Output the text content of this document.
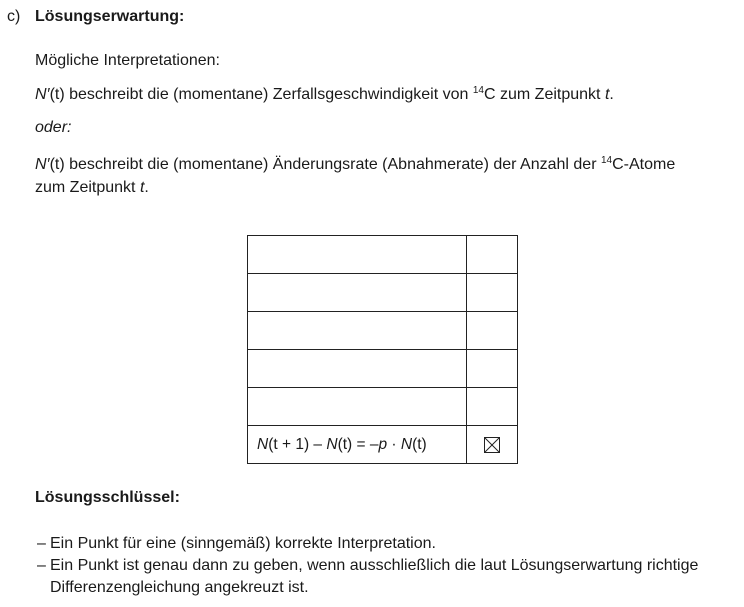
c) Lösungserwartung:
Mögliche Interpretationen:
N′(t) beschreibt die (momentane) Zerfallsgeschwindigkeit von $^{14}$C zum Zeitpunkt t.
oder:
N′(t) beschreibt die (momentane) Änderungsrate (Abnahmerate) der Anzahl der $^{14}$C-Atome
zum Zeitpunkt t.
N(t + 1) – N(t) = –p · N(t)
Lösungsschlüssel:
– Ein Punkt für eine (sinngemäß) korrekte Interpretation.
– Ein Punkt ist genau dann zu geben, wenn ausschließlich die laut Lösungserwartung richtige
Differenzengleichung angekreuzt ist.
